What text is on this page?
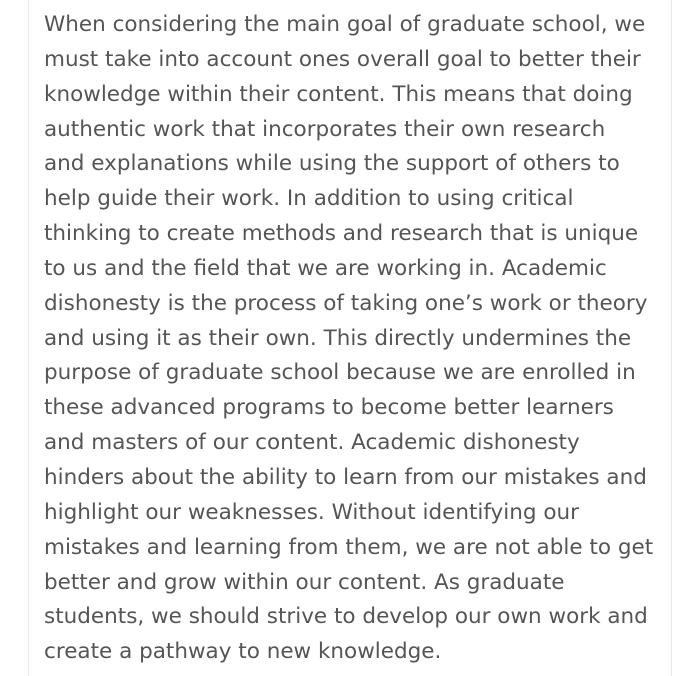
When considering the main goal of graduate school, we
must take into account ones overall goal to better their
knowledge within their content. This means that doing
authentic work that incorporates their own research
and explanations while using the support of others to
help guide their work. In addition to using critical
thinking to create methods and research that is unique
to us and the field that we are working in. Academic
dishonesty is the process of taking one’s work or theory
and using it as their own. This directly undermines the
purpose of graduate school because we are enrolled in
these advanced programs to become better learners
and masters of our content. Academic dishonesty
hinders about the ability to learn from our mistakes and
highlight our weaknesses. Without identifying our
mistakes and learning from them, we are not able to get
better and grow within our content. As graduate
students, we should strive to develop our own work and
create a pathway to new knowledge.
